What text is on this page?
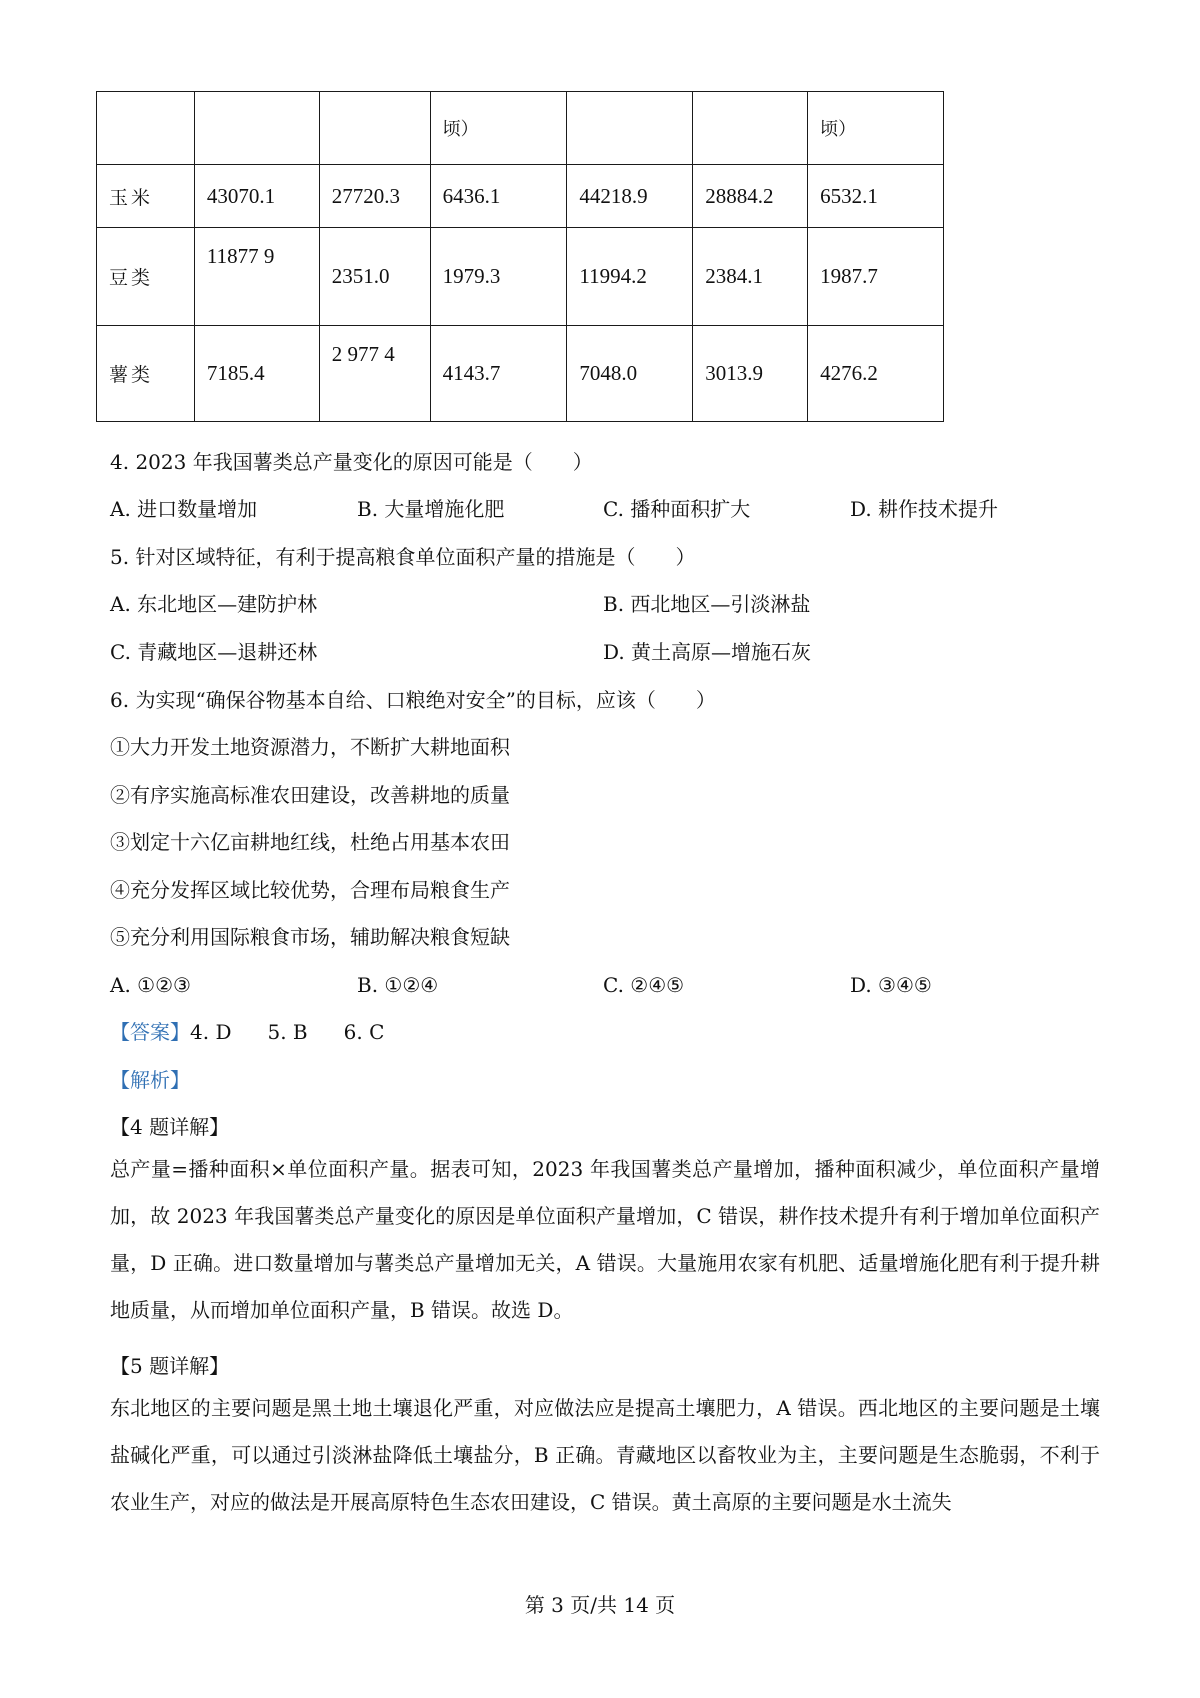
			顷）			顷）
玉米	43070.1	27720.3	6436.1	44218.9	28884.2	6532.1
豆类	11877 9	2351.0	1979.3	11994.2	2384.1	1987.7
薯类	7185.4	2 977 4	4143.7	7048.0	3013.9	4276.2
4. 2023 年我国薯类总产量变化的原因可能是（　　）
A. 进口数量增加	B. 大量增施化肥	C. 播种面积扩大	D. 耕作技术提升
5. 针对区域特征，有利于提高粮食单位面积产量的措施是（　　）
A. 东北地区—建防护林	B. 西北地区—引淡淋盐
C. 青藏地区—退耕还林	D. 黄土高原—增施石灰
6. 为实现“确保谷物基本自给、口粮绝对安全”的目标，应该（　　）
①大力开发土地资源潜力，不断扩大耕地面积
②有序实施高标准农田建设，改善耕地的质量
③划定十六亿亩耕地红线，杜绝占用基本农田
④充分发挥区域比较优势，合理布局粮食生产
⑤充分利用国际粮食市场，辅助解决粮食短缺
A. ①②③	B. ①②④	C. ②④⑤	D. ③④⑤
【答案】4. D 5. B 6. C
【解析】
【4 题详解】
总产量=播种面积×单位面积产量。据表可知，2023 年我国薯类总产量增加，播种面积减少，单位面积产量增加，故 2023 年我国薯类总产量变化的原因是单位面积产量增加，C 错误，耕作技术提升有利于增加单位面积产量，D 正确。进口数量增加与薯类总产量增加无关，A 错误。大量施用农家有机肥、适量增施化肥有利于提升耕地质量，从而增加单位面积产量，B 错误。故选 D。
【5 题详解】
东北地区的主要问题是黑土地土壤退化严重，对应做法应是提高土壤肥力，A 错误。西北地区的主要问题是土壤盐碱化严重，可以通过引淡淋盐降低土壤盐分，B 正确。青藏地区以畜牧业为主，主要问题是生态脆弱，不利于农业生产，对应的做法是开展高原特色生态农田建设，C 错误。黄土高原的主要问题是水土流失
第 3 页/共 14 页
